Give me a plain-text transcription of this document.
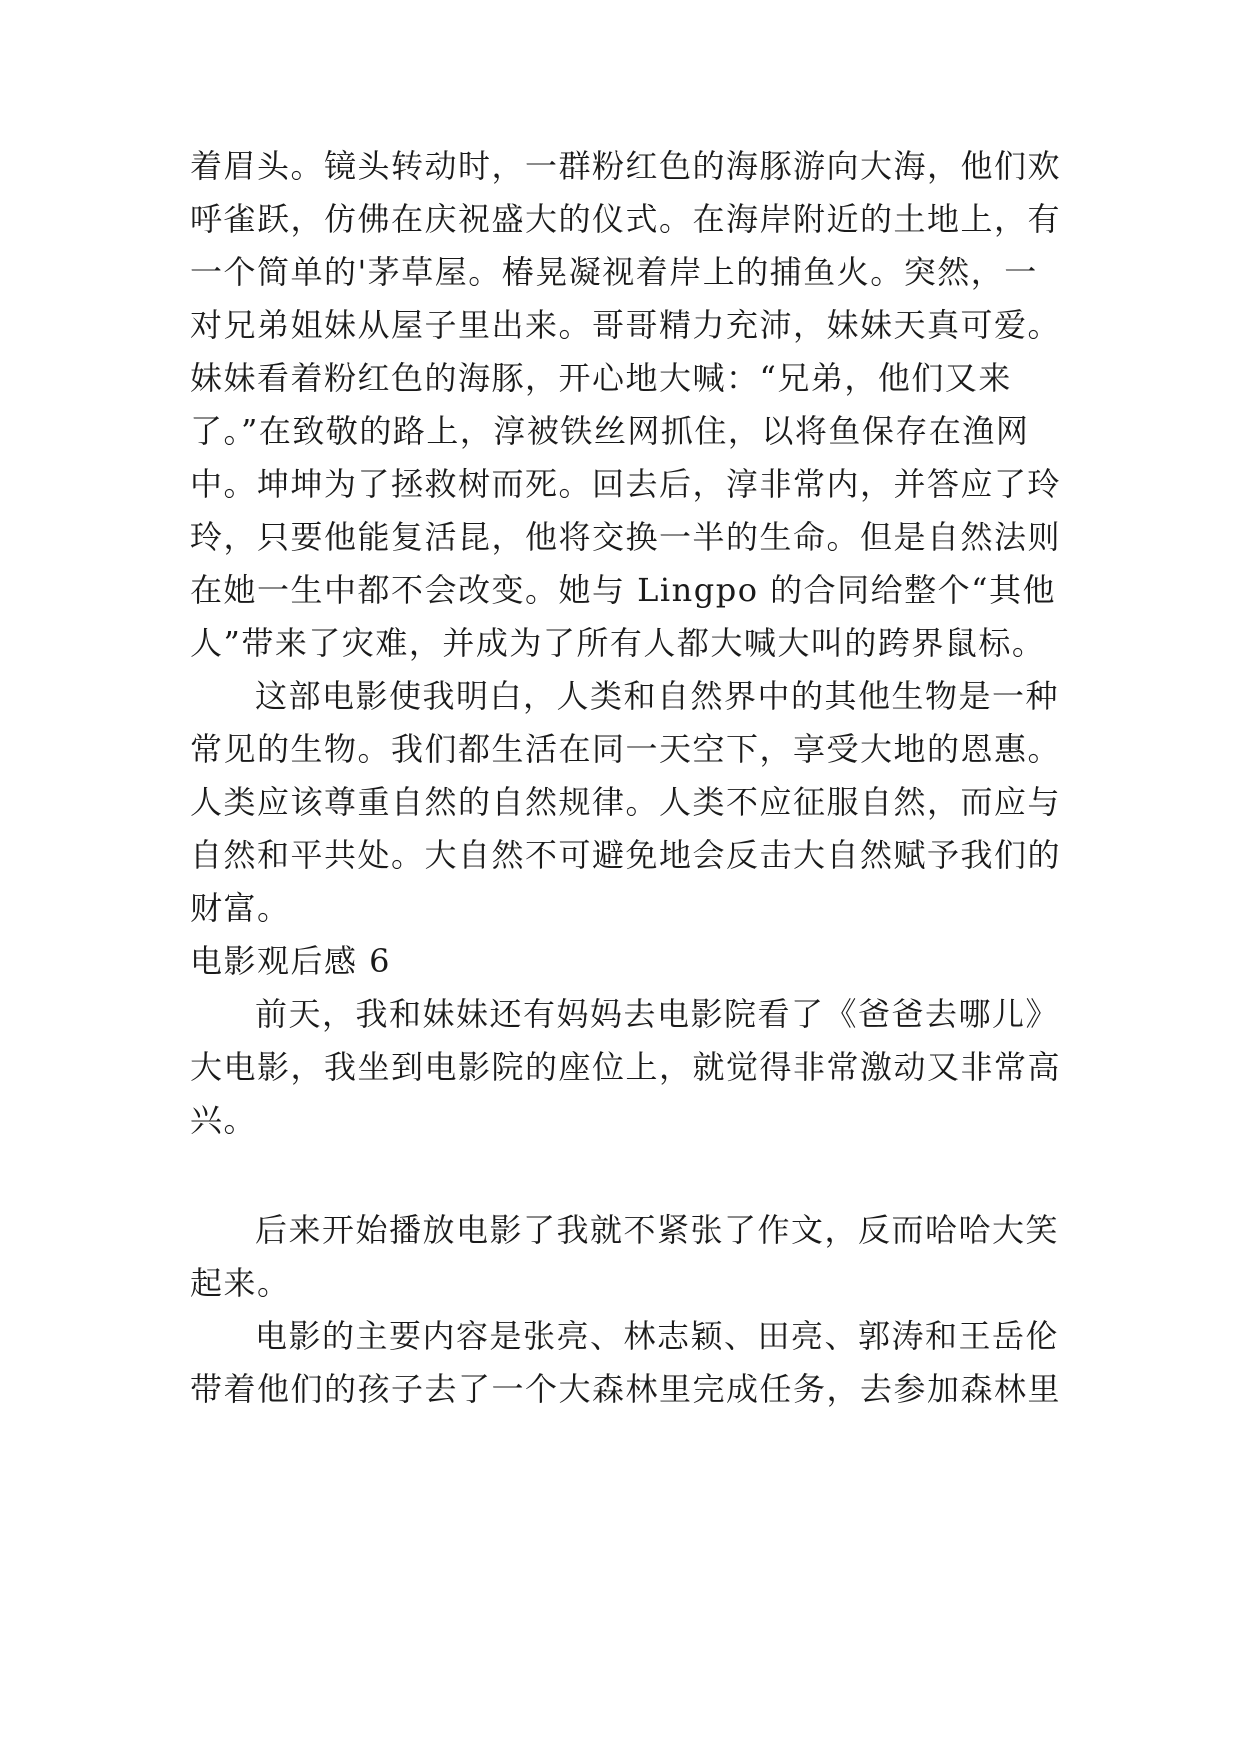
着眉头。镜头转动时，一群粉红色的海豚游向大海，他们欢
呼雀跃，仿佛在庆祝盛大的仪式。在海岸附近的土地上，有
一个简单的'茅草屋。椿晃凝视着岸上的捕鱼火。突然，一
对兄弟姐妹从屋子里出来。哥哥精力充沛，妹妹天真可爱。
妹妹看着粉红色的海豚，开心地大喊：“兄弟，他们又来
了。”在致敬的路上，淳被铁丝网抓住，以将鱼保存在渔网
中。坤坤为了拯救树而死。回去后，淳非常内，并答应了玲
玲，只要他能复活昆，他将交换一半的生命。但是自然法则
在她一生中都不会改变。她与 Lingpo 的合同给整个“其他
人”带来了灾难，并成为了所有人都大喊大叫的跨界鼠标。
这部电影使我明白，人类和自然界中的其他生物是一种
常见的生物。我们都生活在同一天空下，享受大地的恩惠。
人类应该尊重自然的自然规律。人类不应征服自然，而应与
自然和平共处。大自然不可避免地会反击大自然赋予我们的
财富。
电影观后感 6
前天，我和妹妹还有妈妈去电影院看了《爸爸去哪儿》
大电影，我坐到电影院的座位上，就觉得非常激动又非常高
兴。
后来开始播放电影了我就不紧张了作文，反而哈哈大笑
起来。
电影的主要内容是张亮、林志颖、田亮、郭涛和王岳伦
带着他们的孩子去了一个大森林里完成任务，去参加森林里
